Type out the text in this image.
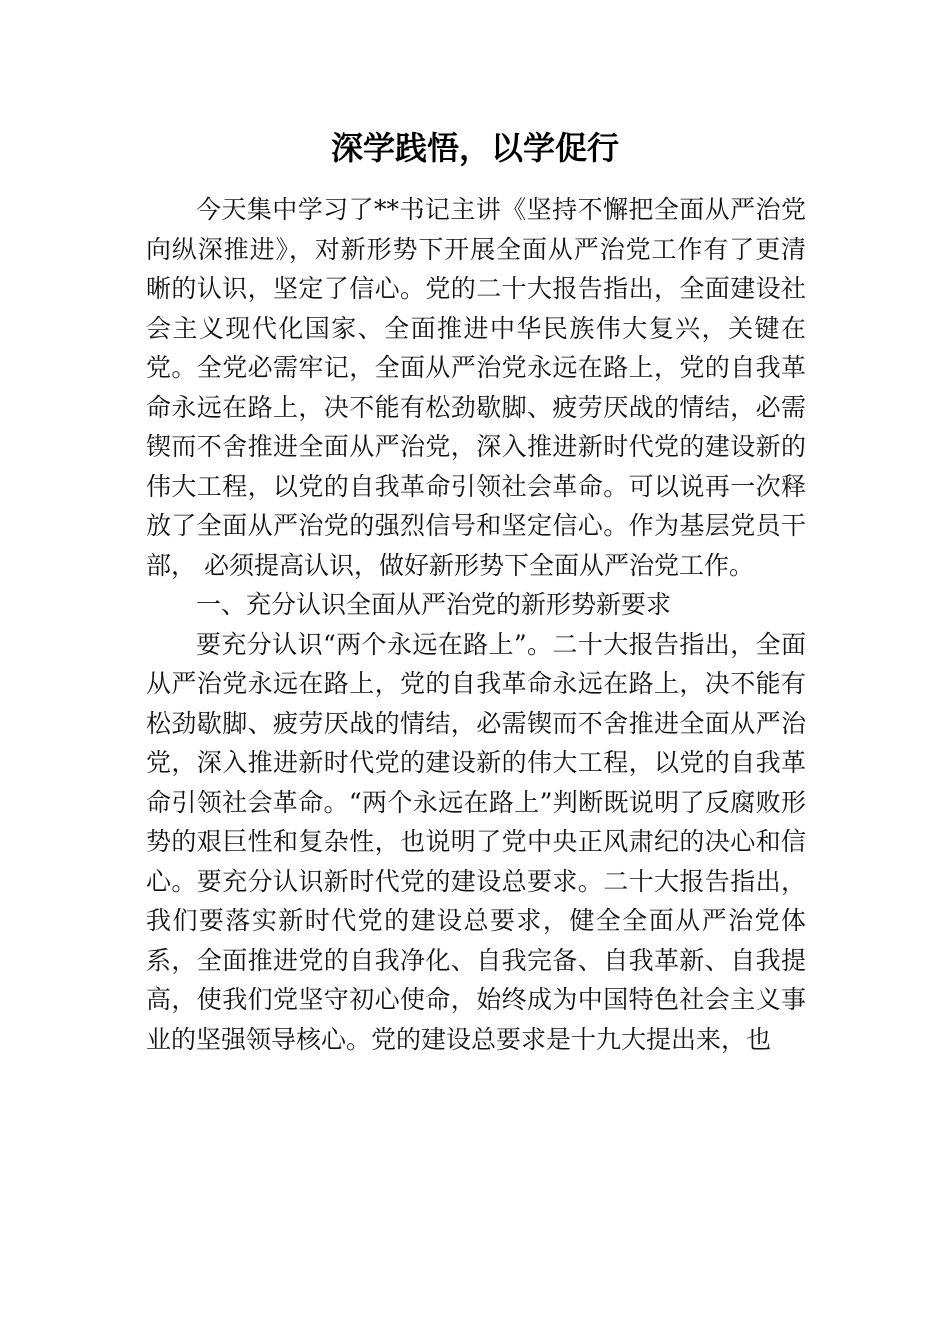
深学践悟，以学促行

今天集中学习了**书记主讲《坚持不懈把全面从严治党向纵深推进》，对新形势下开展全面从严治党工作有了更清晰的认识，坚定了信心。党的二十大报告指出，全面建设社会主义现代化国家、全面推进中华民族伟大复兴，关键在党。全党必需牢记，全面从严治党永远在路上，党的自我革命永远在路上，决不能有松劲歇脚、疲劳厌战的情结，必需锲而不舍推进全面从严治党，深入推进新时代党的建设新的伟大工程，以党的自我革命引领社会革命。可以说再一次释放了全面从严治党的强烈信号和坚定信心。作为基层党员干部， 必须提高认识，做好新形势下全面从严治党工作。

一、充分认识全面从严治党的新形势新要求

要充分认识“两个永远在路上”。二十大报告指出，全面从严治党永远在路上，党的自我革命永远在路上，决不能有松劲歇脚、疲劳厌战的情结，必需锲而不舍推进全面从严治党，深入推进新时代党的建设新的伟大工程，以党的自我革命引领社会革命。“两个永远在路上”判断既说明了反腐败形势的艰巨性和复杂性，也说明了党中央正风肃纪的决心和信心。要充分认识新时代党的建设总要求。二十大报告指出，我们要落实新时代党的建设总要求，健全全面从严治党体系，全面推进党的自我净化、自我完备、自我革新、自我提高，使我们党坚守初心使命，始终成为中国特色社会主义事业的坚强领导核心。党的建设总要求是十九大提出来，也
